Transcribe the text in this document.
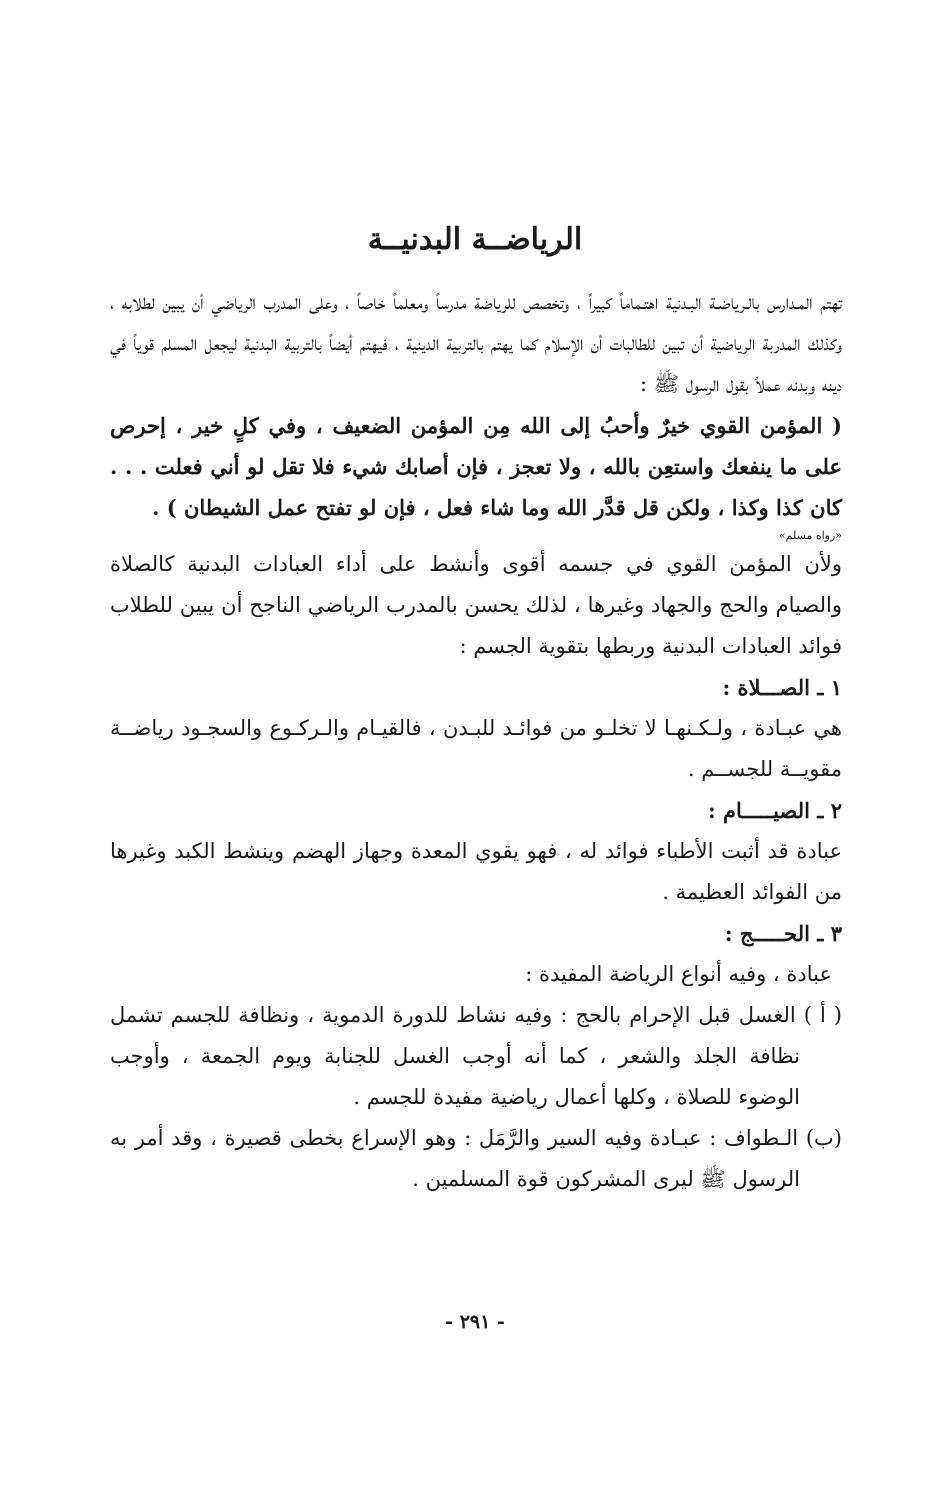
الرياضــة البدنيــة

تهتم المـدارس بالـرياضـة البـدنية اهتـماماً كبيراً ، وتخصص للرياضة مدرساً ومعلماً خاصاً ، وعلى المدرب الرياضي أن يبين لطلابه ، وكذلك المدربة الرياضية أن تبين للطالبات أن الإسلام كما يهتم بالتربية الدينية ، فيهتم أيضاً بالتربية البدنية ليجعل المسلم قوياً في دينه وبدنه عملاً بقول الرسول ﷺ :

( المؤمن القوي خيرٌ وأحبُ إلى الله مِن المؤمن الضعيف ، وفي كلٍ خير ، إحرص على ما ينفعك واستعِن بالله ، ولا تعجز ، فإن أصابك شيء فلا تقل لو أني فعلت . . . كان كذا وكذا ، ولكن قل قدَّر الله وما شاء فعل ، فإن لو تفتح عمل الشيطان ) .

«رواه مسلم»

ولأن المؤمن القوي في جسمه أقوى وأنشط على أداء العبادات البدنية كالصلاة والصيام والحج والجهاد وغيرها ، لذلك يحسن بالمدرب الرياضي الناجح أن يبين للطلاب فوائد العبادات البدنية وربطها بتقوية الجسم :

١ ـ الصـــلاة :

هي عبـادة ، ولـكـنهـا لا تخلـو من فوائـد للبـدن ، فالقيـام والـركـوع والسجـود رياضــة مقويــة للجســم .

٢ ـ الصيـــــام :

عبادة قد أثبت الأطباء فوائد له ، فهو يقوي المعدة وجهاز الهضم وينشط الكبد وغيرها من الفوائد العظيمة .

٣ ـ الحـــــج :

عبادة ، وفيه أنواع الرياضة المفيدة :

( أ ) الغسل قبل الإحرام بالحج : وفيه نشاط للدورة الدموية ، ونظافة للجسم تشمل نظافة الجلد والشعر ، كما أنه أوجب الغسل للجنابة ويوم الجمعة ، وأوجب الوضوء للصلاة ، وكلها أعمال رياضية مفيدة للجسم .

(ب) الـطواف : عبـادة وفيه السير والرَّمَل : وهو الإسراع بخطى قصيرة ، وقد أمر به الرسول ﷺ ليرى المشركون قوة المسلمين .

- ٢٩١ -
